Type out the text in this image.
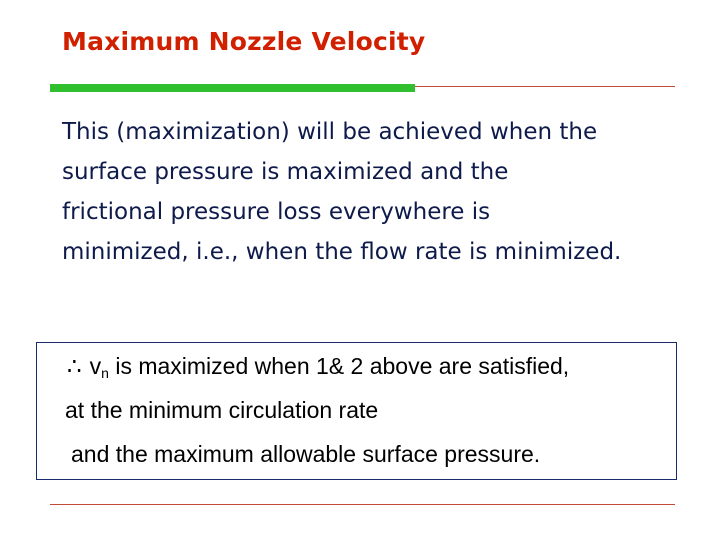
Maximum Nozzle Velocity
This (maximization) will be achieved when the
surface pressure is maximized and the
frictional pressure loss everywhere is
minimized, i.e., when the flow rate is minimized.
∴ $v_n$ is maximized when 1& 2 above are satisfied,
at the minimum circulation rate
and the maximum allowable surface pressure.
